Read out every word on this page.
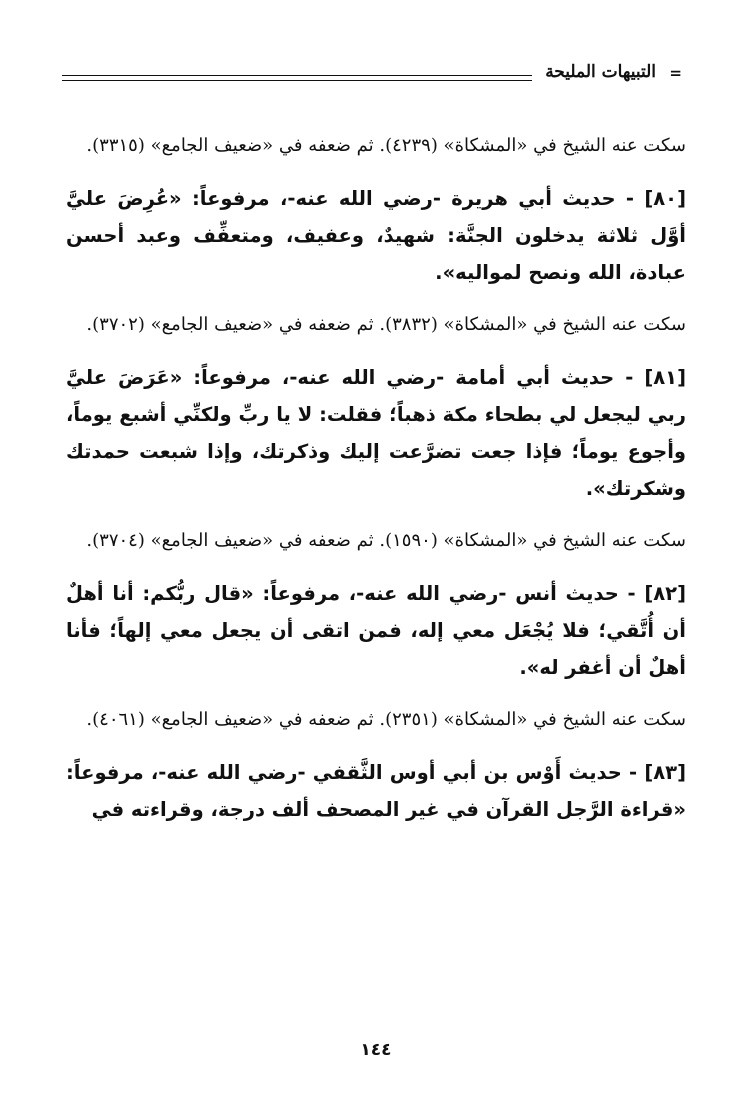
التبيهات المليحة =

سكت عنه الشيخ في «المشكاة» (٤٢٣٩). ثم ضعفه في «ضعيف الجامع» (٣٣١٥).

[٨٠] - حديث أبي هريرة -رضي الله عنه-، مرفوعاً: «عُرِضَ عليَّ أوَّل ثلاثة يدخلون الجنَّة: شهيدٌ، وعفيف، ومتعفِّف وعبد أحسن عبادة، الله ونصح لمواليه».

سكت عنه الشيخ في «المشكاة» (٣٨٣٢). ثم ضعفه في «ضعيف الجامع» (٣٧٠٢).

[٨١] - حديث أبي أمامة -رضي الله عنه-، مرفوعاً: «عَرَضَ عليَّ ربي ليجعل لي بطحاء مكة ذهباً؛ فقلت: لا يا ربِّ ولكنِّي أشبع يوماً، وأجوع يوماً؛ فإذا جعت تضرَّعت إليك وذكرتك، وإذا شبعت حمدتك وشكرتك».

سكت عنه الشيخ في «المشكاة» (١٥٩٠). ثم ضعفه في «ضعيف الجامع» (٣٧٠٤).

[٨٢] - حديث أنس -رضي الله عنه-، مرفوعاً: «قال ربُّكم: أنا أهلٌ أن أُتَّقي؛ فلا يُجْعَل معي إله، فمن اتقى أن يجعل معي إلهاً؛ فأنا أهلٌ أن أغفر له».

سكت عنه الشيخ في «المشكاة» (٢٣٥١). ثم ضعفه في «ضعيف الجامع» (٤٠٦١).

[٨٣] - حديث أَوْس بن أبي أوس الثَّقفي -رضي الله عنه-، مرفوعاً: «قراءة الرَّجل القرآن في غير المصحف ألف درجة، وقراءته في

١٤٤
